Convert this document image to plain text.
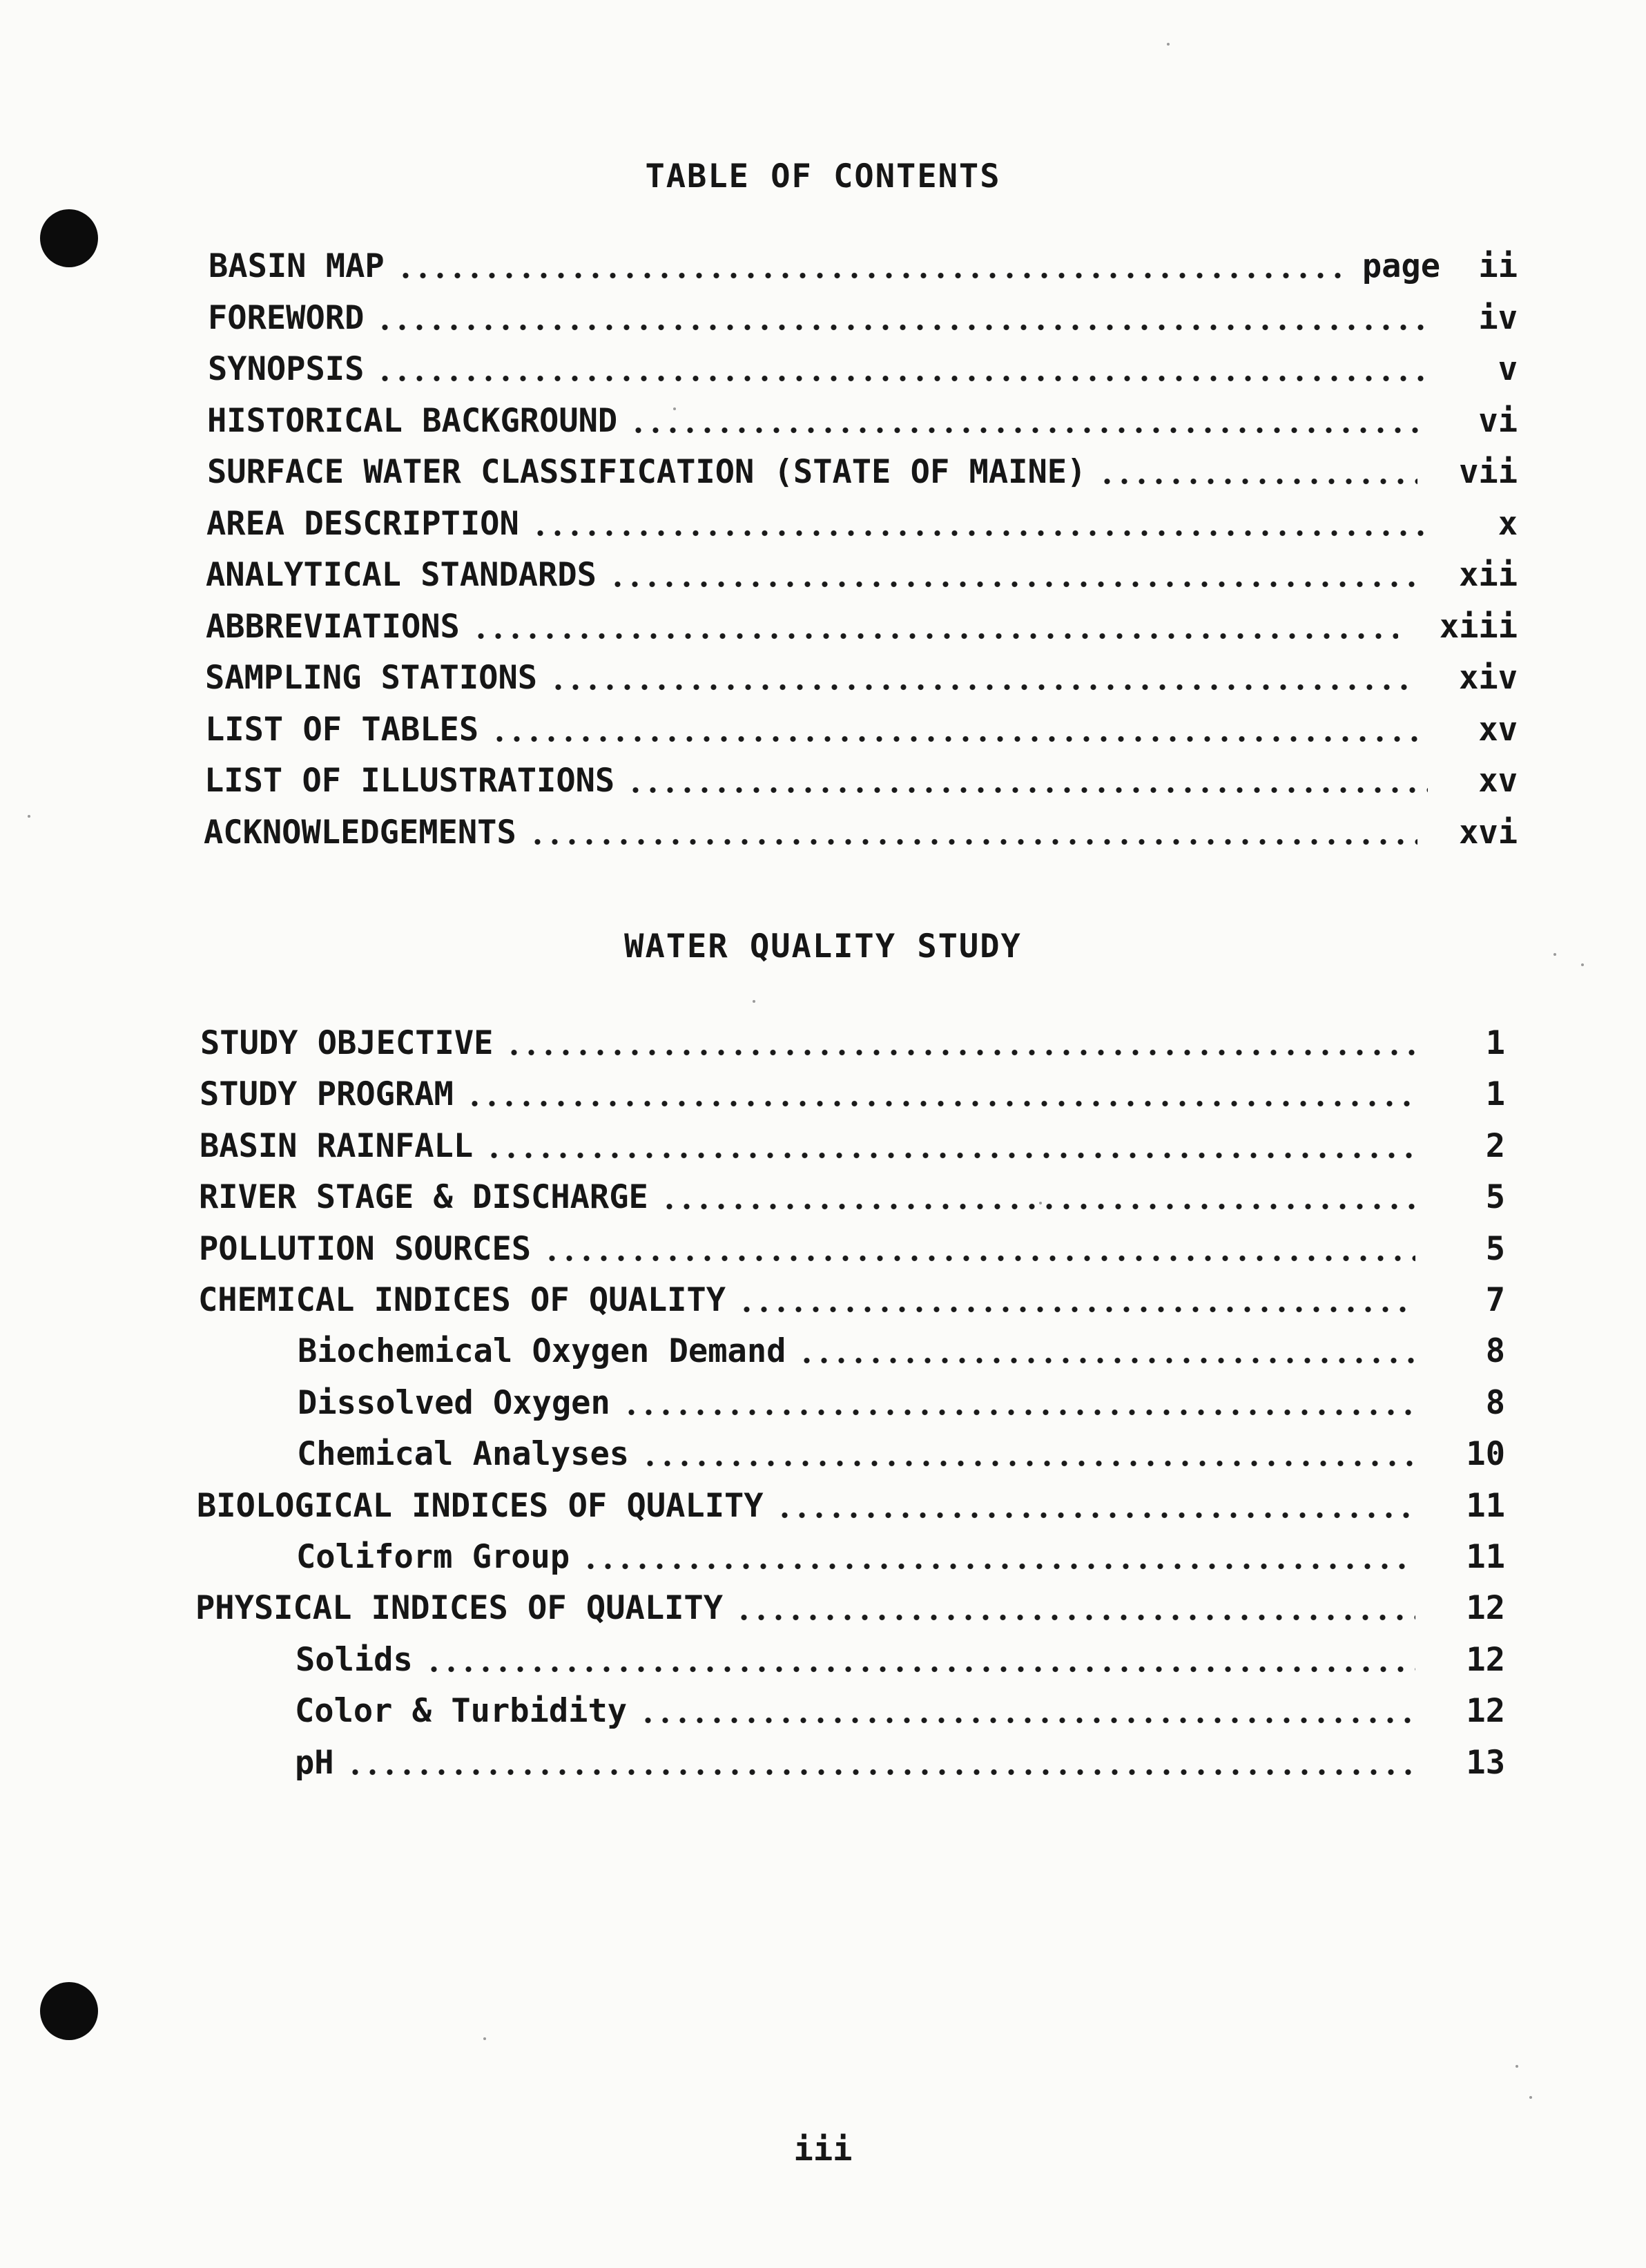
TABLE OF CONTENTS
BASIN MAP	page	ii
FOREWORD	iv
SYNOPSIS	v
HISTORICAL BACKGROUND	vi
SURFACE WATER CLASSIFICATION (STATE OF MAINE)	vii
AREA DESCRIPTION	x
ANALYTICAL STANDARDS	xii
ABBREVIATIONS	xiii
SAMPLING STATIONS	xiv
LIST OF TABLES	xv
LIST OF ILLUSTRATIONS	xv
ACKNOWLEDGEMENTS	xvi
WATER QUALITY STUDY
STUDY OBJECTIVE	1
STUDY PROGRAM	1
BASIN RAINFALL	2
RIVER STAGE & DISCHARGE	5
POLLUTION SOURCES	5
CHEMICAL INDICES OF QUALITY	7
Biochemical Oxygen Demand	8
Dissolved Oxygen	8
Chemical Analyses	10
BIOLOGICAL INDICES OF QUALITY	11
Coliform Group	11
PHYSICAL INDICES OF QUALITY	12
Solids	12
Color & Turbidity	12
pH	13
iii
